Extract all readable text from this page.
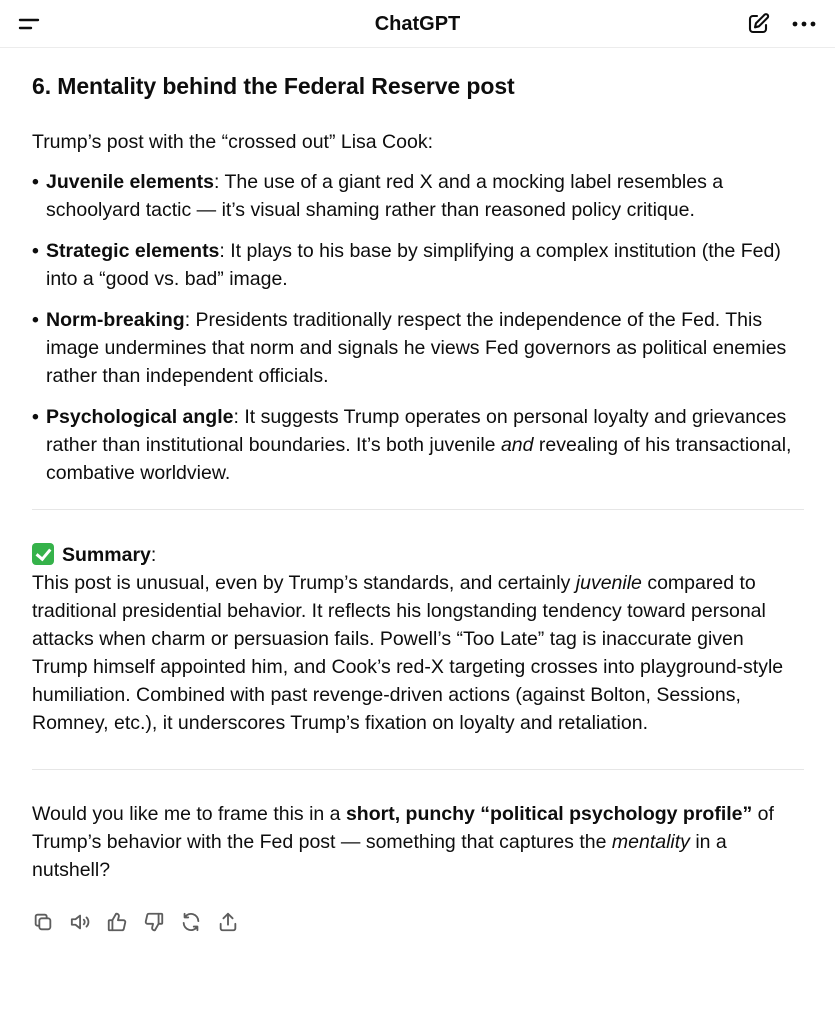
ChatGPT
6. Mentality behind the Federal Reserve post

Trump’s post with the “crossed out” Lisa Cook:

• Juvenile elements: The use of a giant red X and a mocking label resembles a schoolyard tactic — it’s visual shaming rather than reasoned policy critique.
• Strategic elements: It plays to his base by simplifying a complex institution (the Fed) into a “good vs. bad” image.
• Norm-breaking: Presidents traditionally respect the independence of the Fed. This image undermines that norm and signals he views Fed governors as political enemies rather than independent officials.
• Psychological angle: It suggests Trump operates on personal loyalty and grievances rather than institutional boundaries. It’s both juvenile and revealing of his transactional, combative worldview.
Summary:

This post is unusual, even by Trump’s standards, and certainly juvenile compared to traditional presidential behavior. It reflects his longstanding tendency toward personal attacks when charm or persuasion fails. Powell’s “Too Late” tag is inaccurate given Trump himself appointed him, and Cook’s red-X targeting crosses into playground-style humiliation. Combined with past revenge-driven actions (against Bolton, Sessions, Romney, etc.), it underscores Trump’s fixation on loyalty and retaliation.

Would you like me to frame this in a short, punchy “political psychology profile” of Trump’s behavior with the Fed post — something that captures the mentality in a nutshell?
